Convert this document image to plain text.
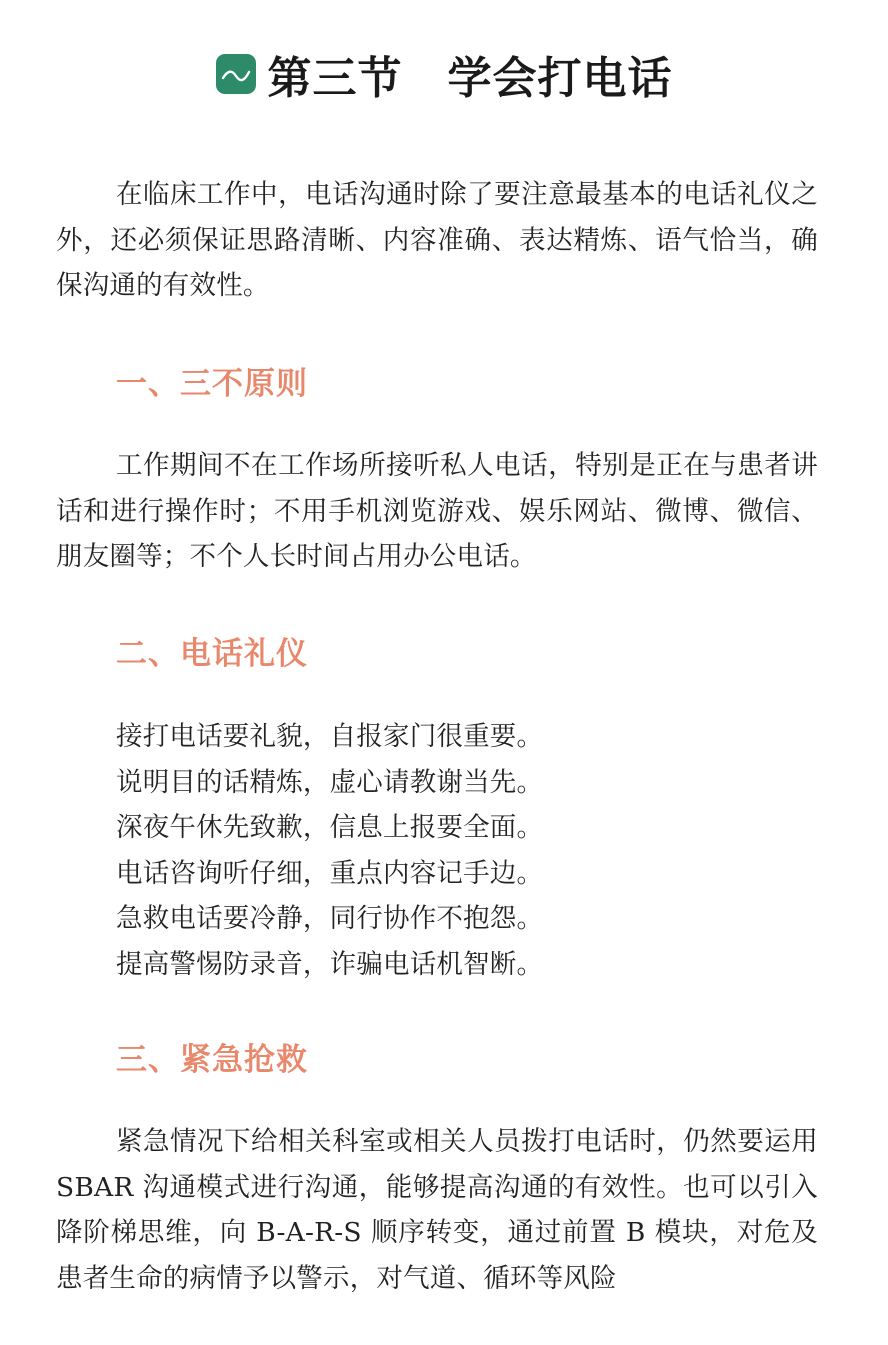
第三节　学会打电话

在临床工作中，电话沟通时除了要注意最基本的电话礼仪之外，还必须保证思路清晰、内容准确、表达精炼、语气恰当，确保沟通的有效性。

一、三不原则

工作期间不在工作场所接听私人电话，特别是正在与患者讲话和进行操作时；不用手机浏览游戏、娱乐网站、微博、微信、朋友圈等；不个人长时间占用办公电话。

二、电话礼仪
接打电话要礼貌，自报家门很重要。
说明目的话精炼，虚心请教谢当先。
深夜午休先致歉，信息上报要全面。
电话咨询听仔细，重点内容记手边。
急救电话要冷静，同行协作不抱怨。
提高警惕防录音，诈骗电话机智断。
三、紧急抢救

紧急情况下给相关科室或相关人员拨打电话时，仍然要运用 SBAR 沟通模式进行沟通，能够提高沟通的有效性。也可以引入降阶梯思维，向 B-A-R-S 顺序转变，通过前置 B 模块，对危及患者生命的病情予以警示，对气道、循环等风险
